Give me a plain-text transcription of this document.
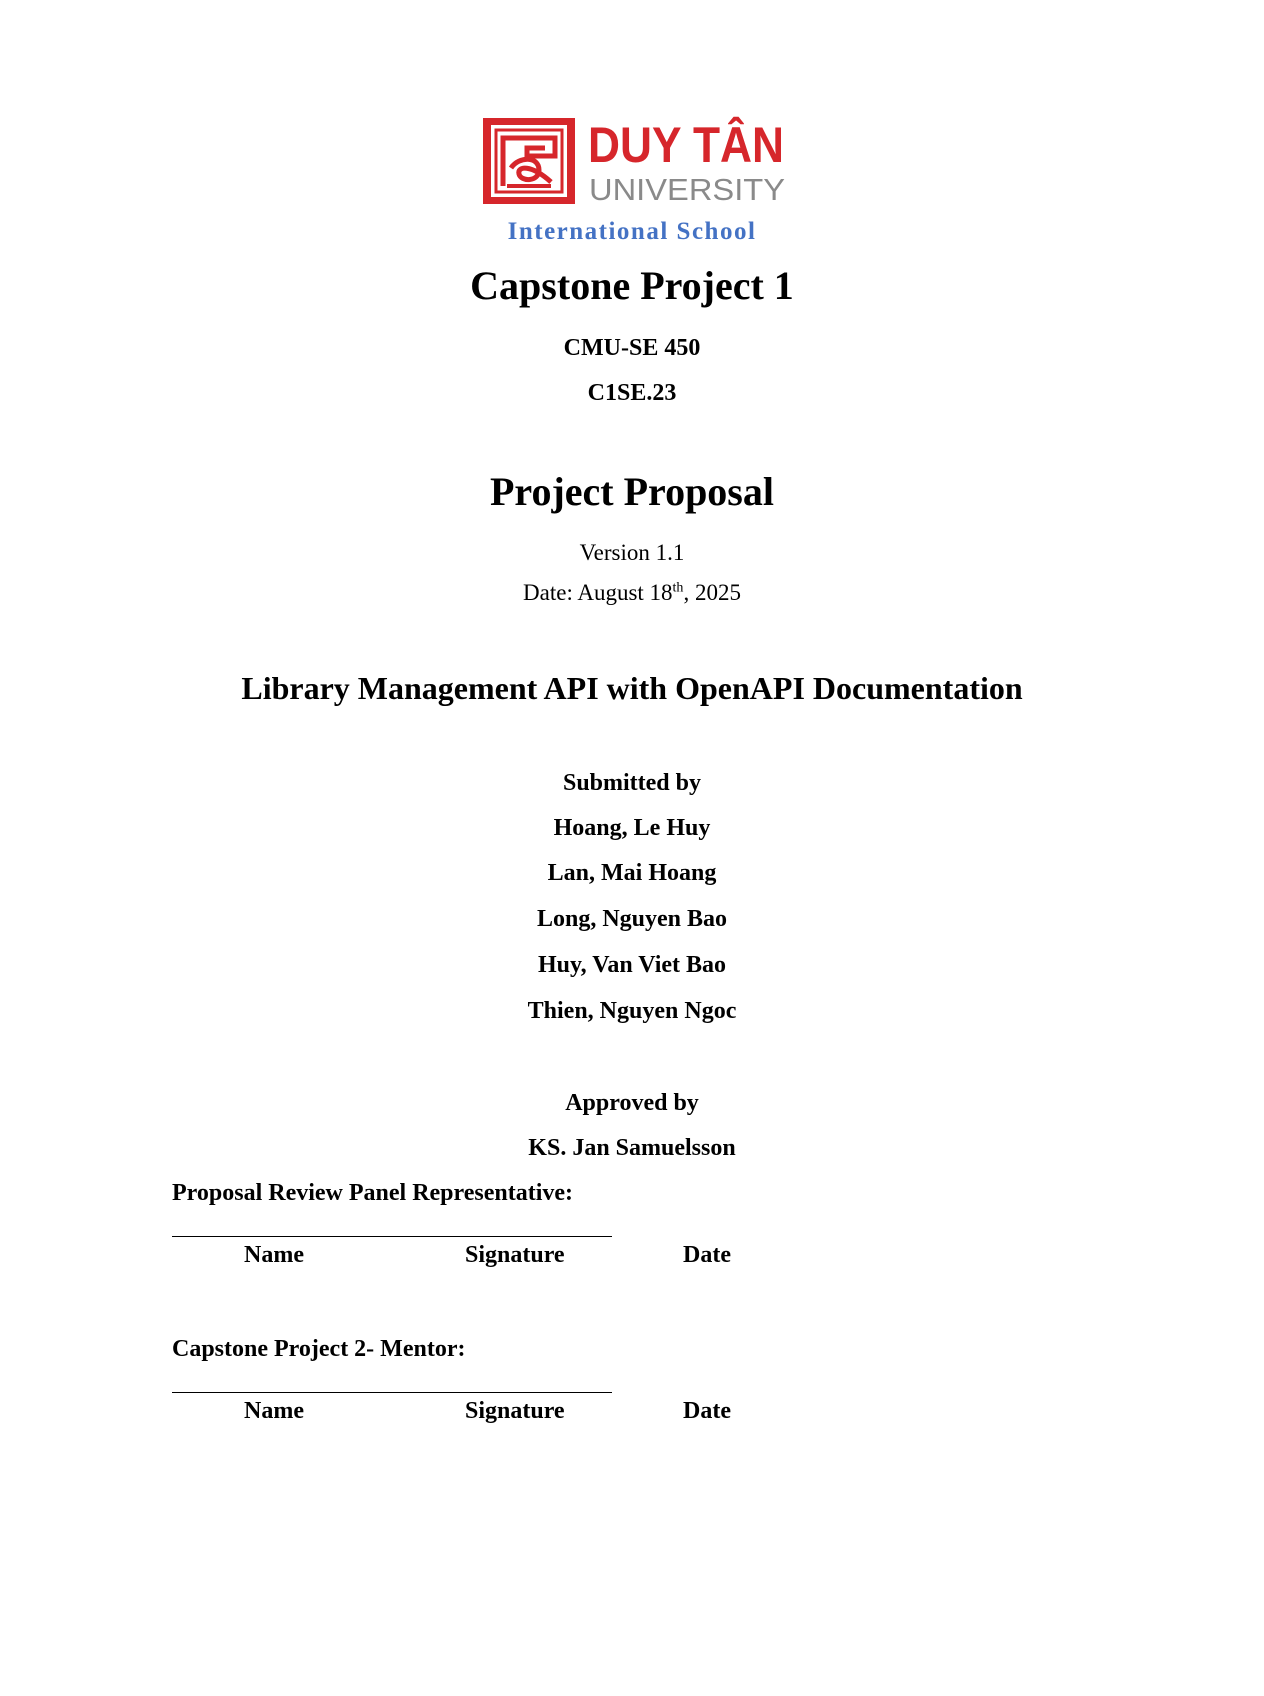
DUY TÂN
UNIVERSITY
International School
Capstone Project 1
CMU-SE 450
C1SE.23
Project Proposal
Version 1.1
Date: August 18th, 2025
Library Management API with OpenAPI Documentation
Submitted by
Hoang, Le Huy
Lan, Mai Hoang
Long, Nguyen Bao
Huy, Van Viet Bao
Thien, Nguyen Ngoc
Approved by
KS. Jan Samuelsson
Proposal Review Panel Representative:
Name	Signature	Date
Capstone Project 2- Mentor:
Name	Signature	Date
